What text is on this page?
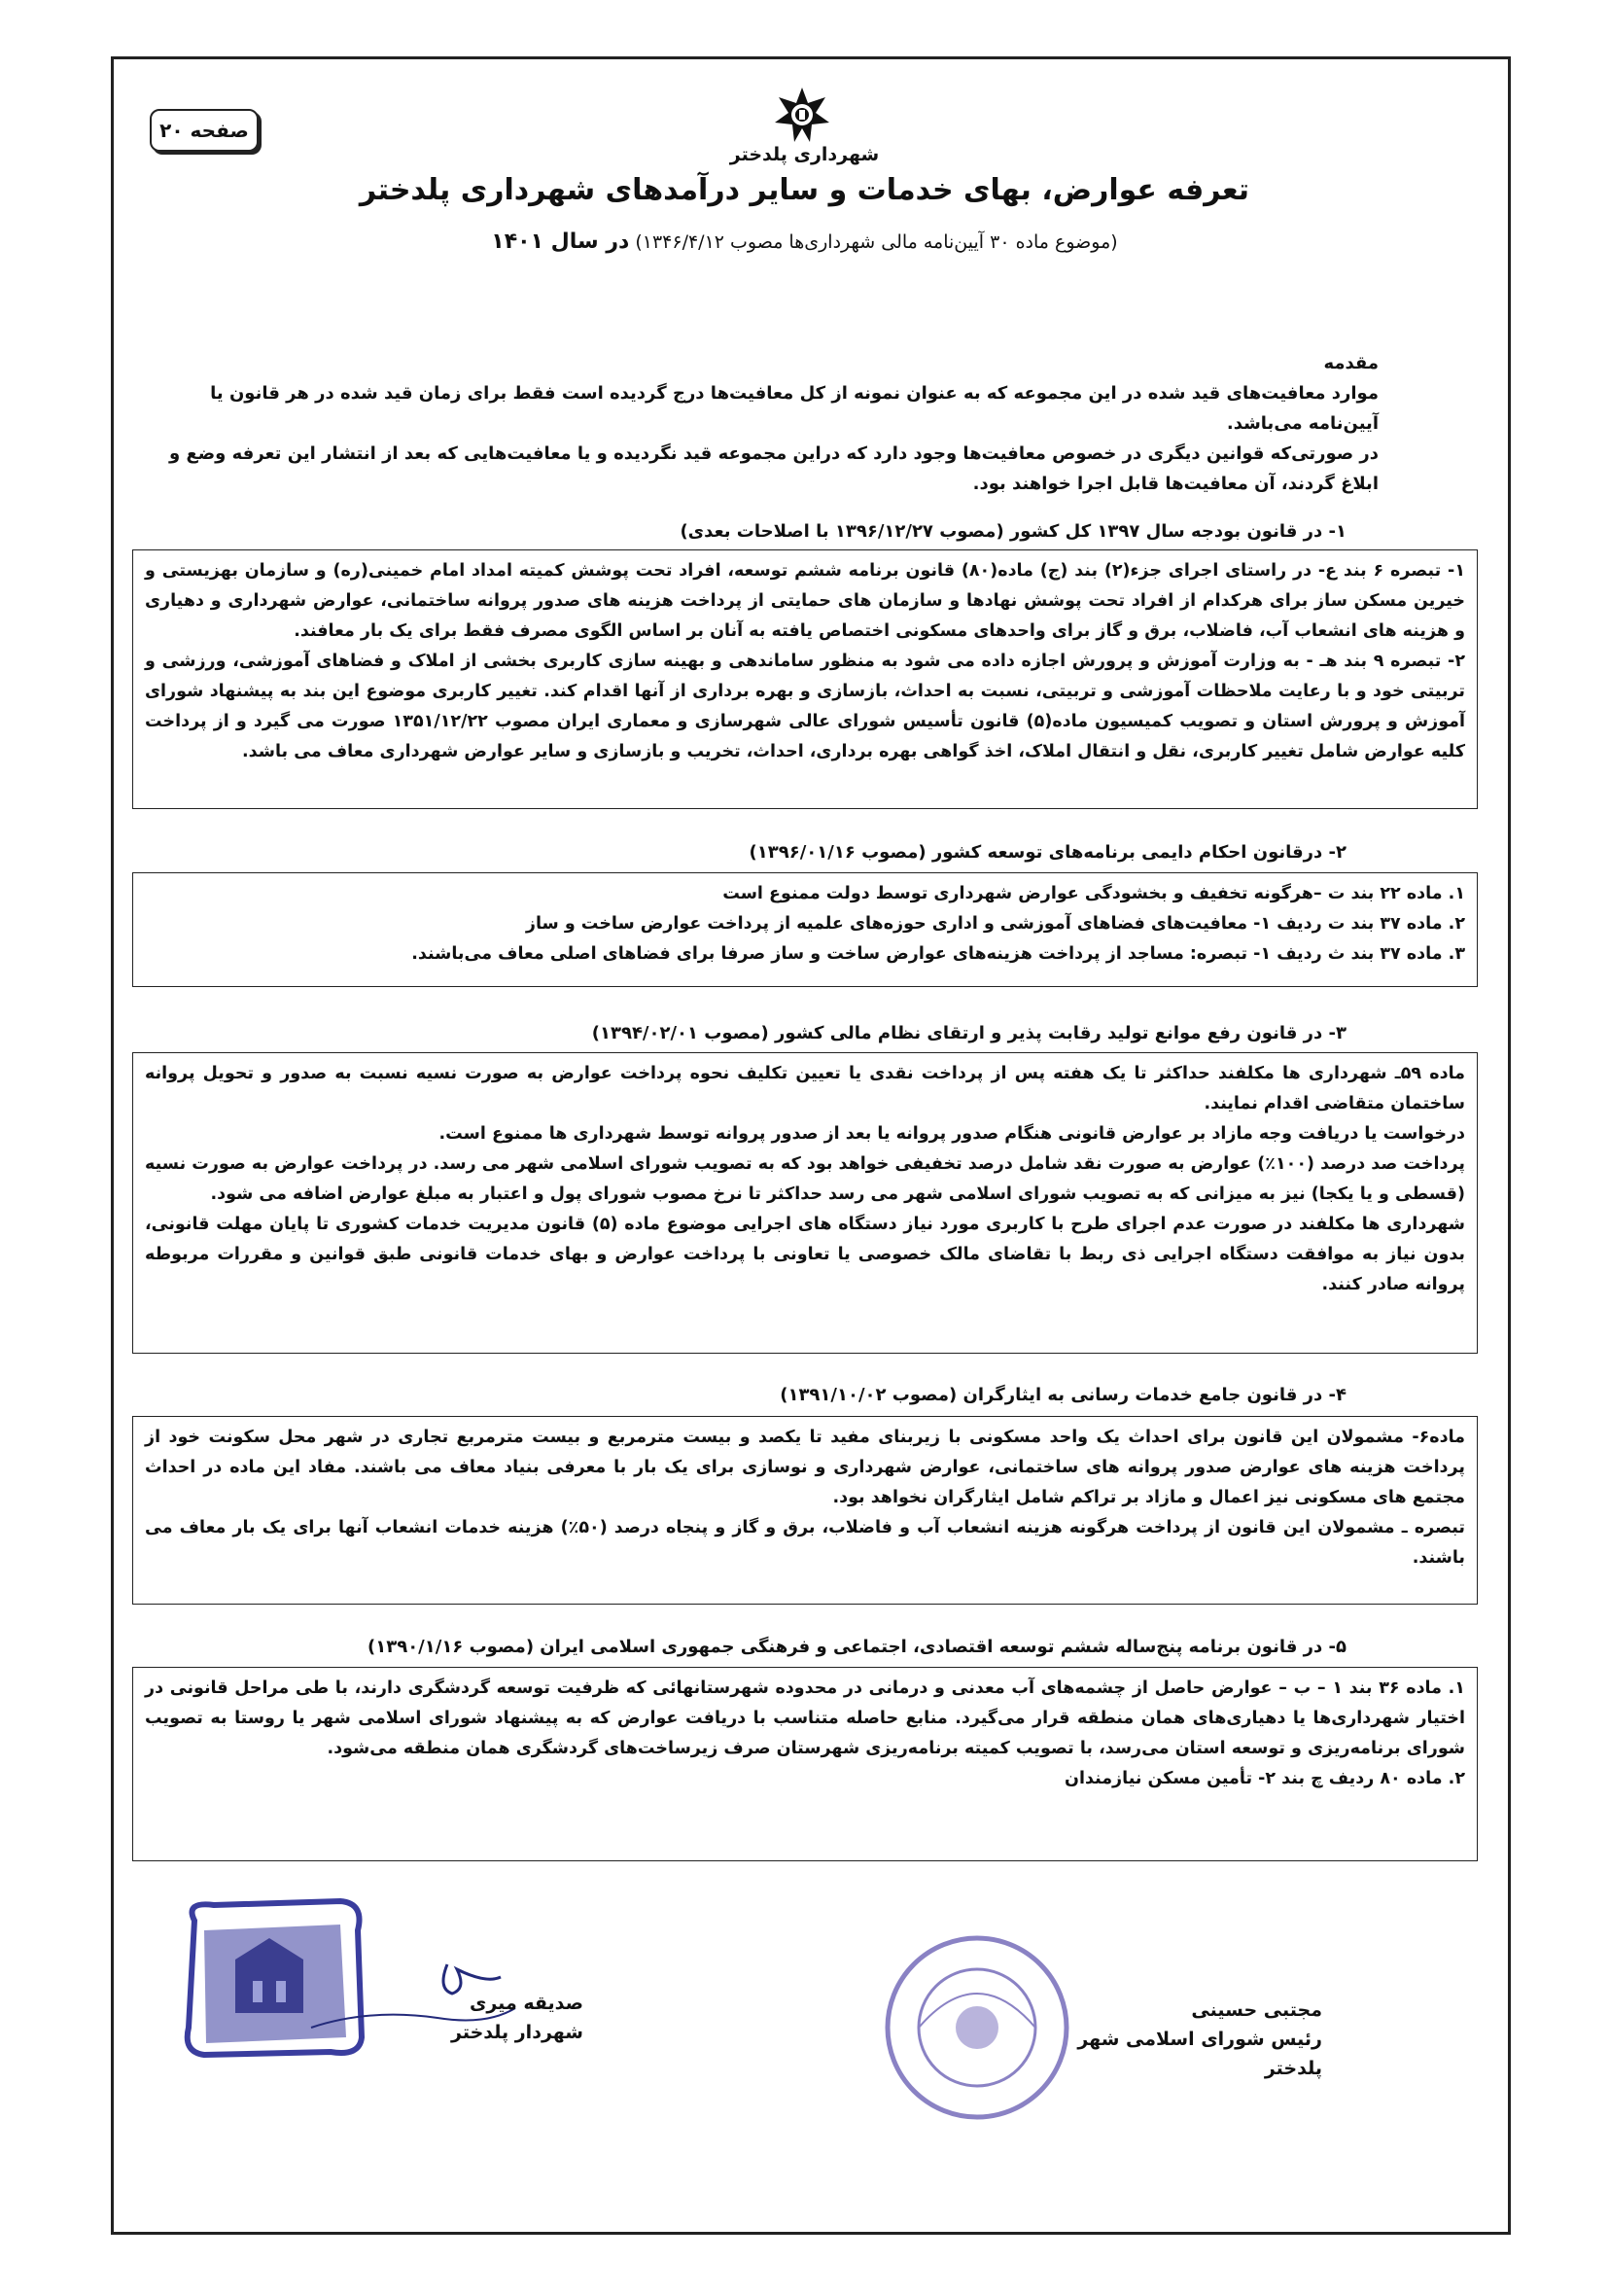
صفحه ۲۰
شهرداری پلدختر
تعرفه عوارض، بهای خدمات و سایر درآمدهای شهرداری پلدختر
(موضوع ماده ۳۰ آیین‌نامه مالی شهرداری‌ها مصوب ۱۳۴۶/۴/۱۲) در سال ۱۴۰۱

مقدمه

موارد معافیت‌های قید شده در این مجموعه که به عنوان نمونه از کل معافیت‌ها درج گردیده است فقط برای زمان قید شده در هر قانون یا آیین‌نامه می‌باشد.

در صورتی‌که قوانین دیگری در خصوص معافیت‌ها وجود دارد که دراین مجموعه قید نگردیده و یا معافیت‌هایی که بعد از انتشار این تعرفه وضع و ابلاغ گردند، آن معافیت‌ها قابل اجرا خواهند بود.

۱- در قانون بودجه سال ۱۳۹۷ کل کشور (مصوب ۱۳۹۶/۱۲/۲۷ با اصلاحات بعدی)

۱- تبصره ۶ بند ع- در راستای اجرای جزء(۲) بند (ج) ماده(۸۰) قانون برنامه ششم توسعه، افراد تحت پوشش کمیته امداد امام خمینی(ره) و سازمان بهزیستی و خیرین مسکن ساز برای هرکدام از افراد تحت پوشش نهادها و سازمان های حمایتی از پرداخت هزینه های صدور پروانه ساختمانی، عوارض شهرداری و دهیاری و هزینه های انشعاب آب، فاضلاب، برق و گاز برای واحدهای مسکونی اختصاص یافته به آنان بر اساس الگوی مصرف فقط برای یک بار معافند.

۲- تبصره ۹ بند هـ - به وزارت آموزش و پرورش اجازه داده می شود به منظور ساماندهی و بهینه سازی کاربری بخشی از املاک و فضاهای آموزشی، ورزشی و تربیتی خود و با رعایت ملاحظات آموزشی و تربیتی، نسبت به احداث، بازسازی و بهره برداری از آنها اقدام کند. تغییر کاربری موضوع این بند به پیشنهاد شورای آموزش و پرورش استان و تصویب کمیسیون ماده(۵) قانون تأسیس شورای عالی شهرسازی و معماری ایران مصوب ۱۳۵۱/۱۲/۲۲ صورت می گیرد و از پرداخت کلیه عوارض شامل تغییر کاربری، نقل و انتقال املاک، اخذ گواهی بهره برداری، احداث، تخریب و بازسازی و سایر عوارض شهرداری معاف می باشد.

۲- درقانون احکام دایمی برنامه‌های توسعه کشور (مصوب ۱۳۹۶/۰۱/۱۶)

۱. ماده ۲۲ بند ت –هرگونه تخفیف و بخشودگی عوارض شهرداری توسط دولت ممنوع است

۲. ماده ۳۷ بند ت ردیف ۱- معافیت‌های فضاهای آموزشی و اداری حوزه‌های علمیه از پرداخت عوارض ساخت و ساز

۳. ماده ۳۷ بند ث ردیف ۱- تبصره: مساجد از پرداخت هزینه‌های عوارض ساخت و ساز صرفا برای فضاهای اصلی معاف می‌باشند.

۳- در قانون رفع موانع تولید رقابت پذیر و ارتقای نظام مالی کشور (مصوب ۱۳۹۴/۰۲/۰۱)

ماده ۵۹ـ شهرداری ها مکلفند حداکثر تا یک هفته پس از پرداخت نقدی یا تعیین تکلیف نحوه پرداخت عوارض به صورت نسیه نسبت به صدور و تحویل پروانه ساختمان متقاضی اقدام نمایند.

درخواست یا دریافت وجه مازاد بر عوارض قانونی هنگام صدور پروانه یا بعد از صدور پروانه توسط شهرداری ها ممنوع است.

پرداخت صد درصد (۱۰۰٪) عوارض به صورت نقد شامل درصد تخفیفی خواهد بود که به تصویب شورای اسلامی شهر می رسد. در پرداخت عوارض به صورت نسیه (قسطی و یا یکجا) نیز به میزانی که به تصویب شورای اسلامی شهر می رسد حداکثر تا نرخ مصوب شورای پول و اعتبار به مبلغ عوارض اضافه می شود.

شهرداری ها مکلفند در صورت عدم اجرای طرح با کاربری مورد نیاز دستگاه های اجرایی موضوع ماده (۵) قانون مدیریت خدمات کشوری تا پایان مهلت قانونی، بدون نیاز به موافقت دستگاه اجرایی ذی ربط با تقاضای مالک خصوصی یا تعاونی با پرداخت عوارض و بهای خدمات قانونی طبق قوانین و مقررات مربوطه پروانه صادر کنند.

۴- در قانون جامع خدمات رسانی به ایثارگران (مصوب ۱۳۹۱/۱۰/۰۲)

ماده۶- مشمولان این قانون برای احداث یک واحد مسکونی با زیربنای مفید تا یکصد و بیست مترمربع و بیست مترمربع تجاری در شهر محل سکونت خود از پرداخت هزینه های عوارض صدور پروانه های ساختمانی، عوارض شهرداری و نوسازی برای یک بار با معرفی بنیاد معاف می باشند. مفاد این ماده در احداث مجتمع های مسکونی نیز اعمال و مازاد بر تراکم شامل ایثارگران نخواهد بود.

تبصره ـ مشمولان این قانون از پرداخت هرگونه هزینه انشعاب آب و فاضلاب، برق و گاز و پنجاه درصد (۵۰٪) هزینه خدمات انشعاب آنها برای یک بار معاف می باشند.

۵- در قانون برنامه پنج‌ساله ششم توسعه اقتصادی، اجتماعی و فرهنگی جمهوری اسلامی ایران (مصوب ۱۳۹۰/۱/۱۶)

۱. ماده ۳۶ بند ۱ – ب – عوارض حاصل از چشمه‌های آب معدنی و درمانی در محدوده شهرستانهائی که ظرفیت توسعه گردشگری دارند، با طی مراحل قانونی در اختیار شهرداری‌ها یا دهیاری‌های همان منطقه قرار می‌گیرد. منابع حاصله متناسب با دریافت عوارض که به پیشنهاد شورای اسلامی شهر یا روستا به تصویب شورای برنامه‌ریزی و توسعه استان می‌رسد، با تصویب کمیته برنامه‌ریزی شهرستان صرف زیرساخت‌های گردشگری همان منطقه می‌شود.

۲. ماده ۸۰ ردیف چ بند ۲- تأمین مسکن نیازمندان

صدیقه میری
شهردار پلدختر
مجتبی حسینی
رئیس شورای اسلامی شهر پلدختر
